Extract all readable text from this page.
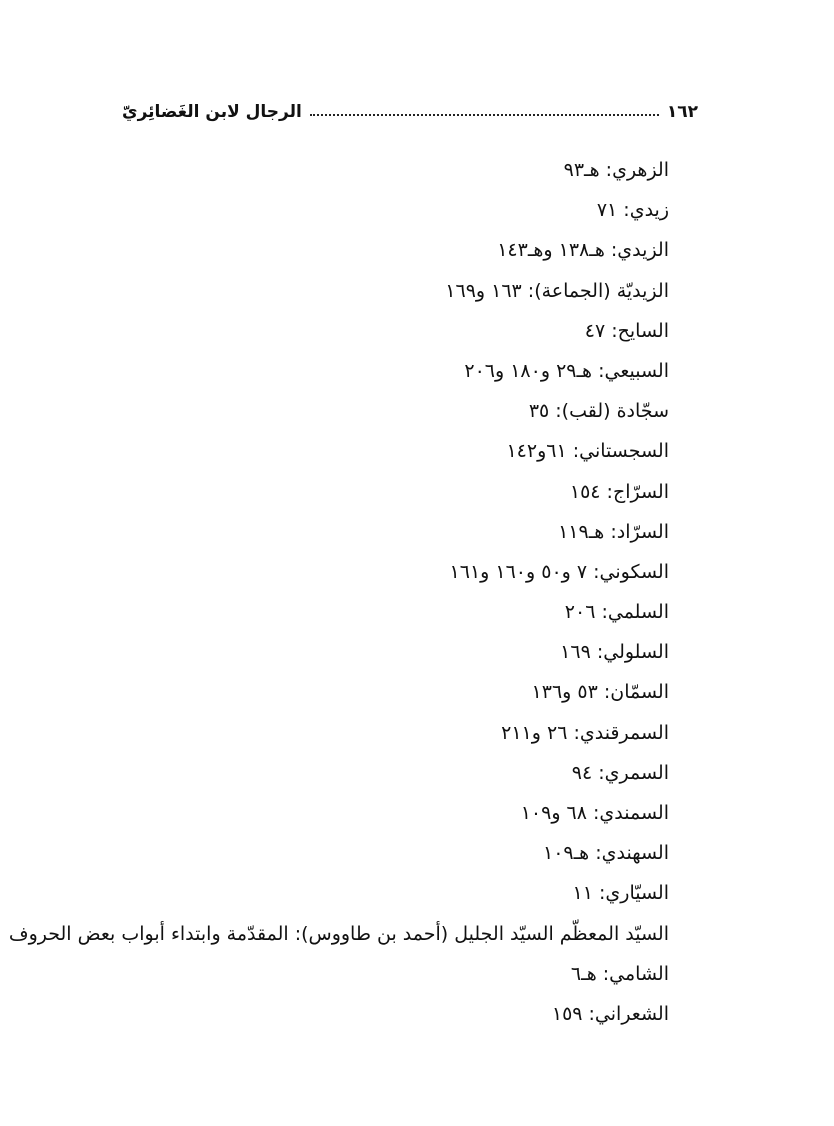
الرجال لابن الغَضائِريّ	١٦٢
الزهري: هـ٩٣
زيدي: ٧١
الزيدي: هـ١٣٨ وهـ١٤٣
الزيديّة (الجماعة): ١٦٣ و١٦٩
السايح: ٤٧
السبيعي: هـ٢٩ و١٨٠ و٢٠٦
سجّادة (لقب): ٣٥
السجستاني: ٦١و١٤٢
السرّاج: ١٥٤
السرّاد: هـ١١٩
السكوني: ٧ و٥٠ و١٦٠ و١٦١
السلمي: ٢٠٦
السلولي: ١٦٩
السمّان: ٥٣ و١٣٦
السمرقندي: ٢٦ و٢١١
السمري: ٩٤
السمندي: ٦٨ و١٠٩
السهندي: هـ١٠٩
السيّاري: ١١
السيّد المعظّم السيّد الجليل (أحمد بن طاووس): المقدّمة وابتداء أبواب بعض الحروف
الشامي: هـ٦
الشعراني: ١٥٩
